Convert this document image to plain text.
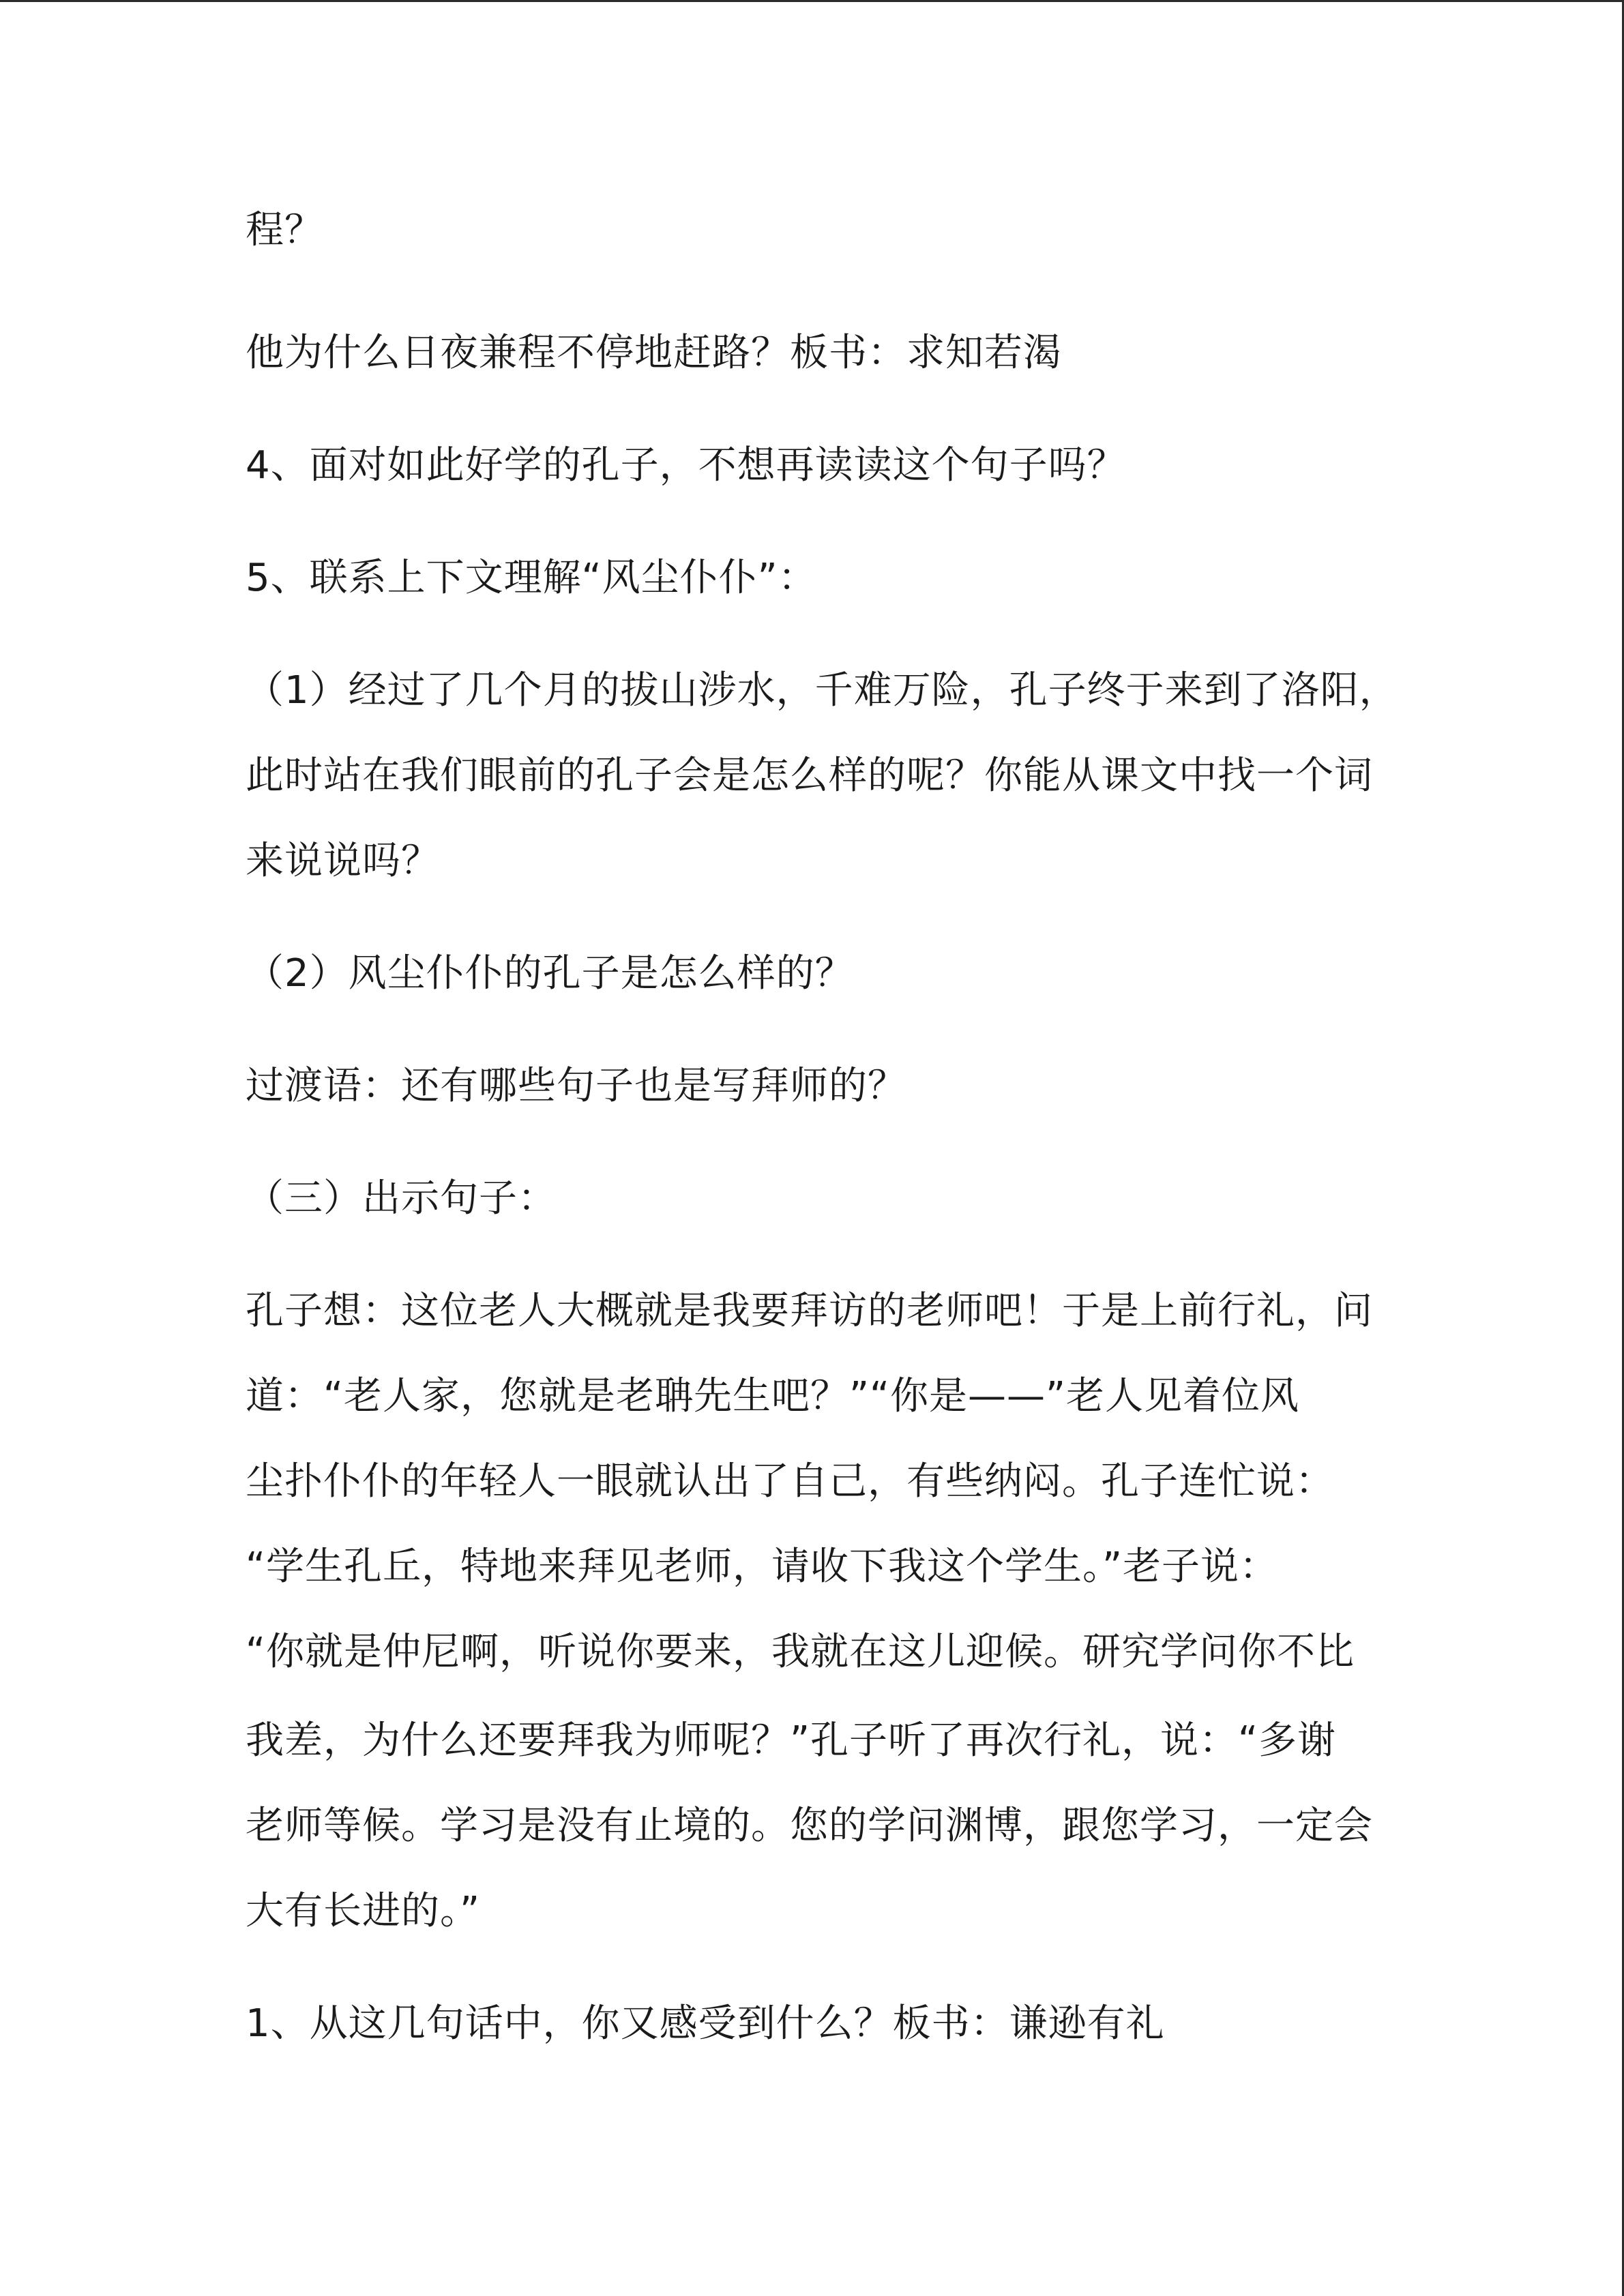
程？
他为什么日夜兼程不停地赶路？板书：求知若渴
4、面对如此好学的孔子，不想再读读这个句子吗？
5、联系上下文理解“风尘仆仆”：
（1）经过了几个月的拔山涉水，千难万险，孔子终于来到了洛阳，
此时站在我们眼前的孔子会是怎么样的呢？你能从课文中找一个词
来说说吗？
（2）风尘仆仆的孔子是怎么样的？
过渡语：还有哪些句子也是写拜师的？
（三）出示句子：
孔子想：这位老人大概就是我要拜访的老师吧！于是上前行礼，问
道：“老人家，您就是老聃先生吧？”“你是——”老人见着位风
尘扑仆仆的年轻人一眼就认出了自己，有些纳闷。孔子连忙说：
“学生孔丘，特地来拜见老师，请收下我这个学生。”老子说：
“你就是仲尼啊，听说你要来，我就在这儿迎候。研究学问你不比
我差，为什么还要拜我为师呢？”孔子听了再次行礼，说：“多谢
老师等候。学习是没有止境的。您的学问渊博，跟您学习，一定会
大有长进的。”
1、从这几句话中，你又感受到什么？板书：谦逊有礼
